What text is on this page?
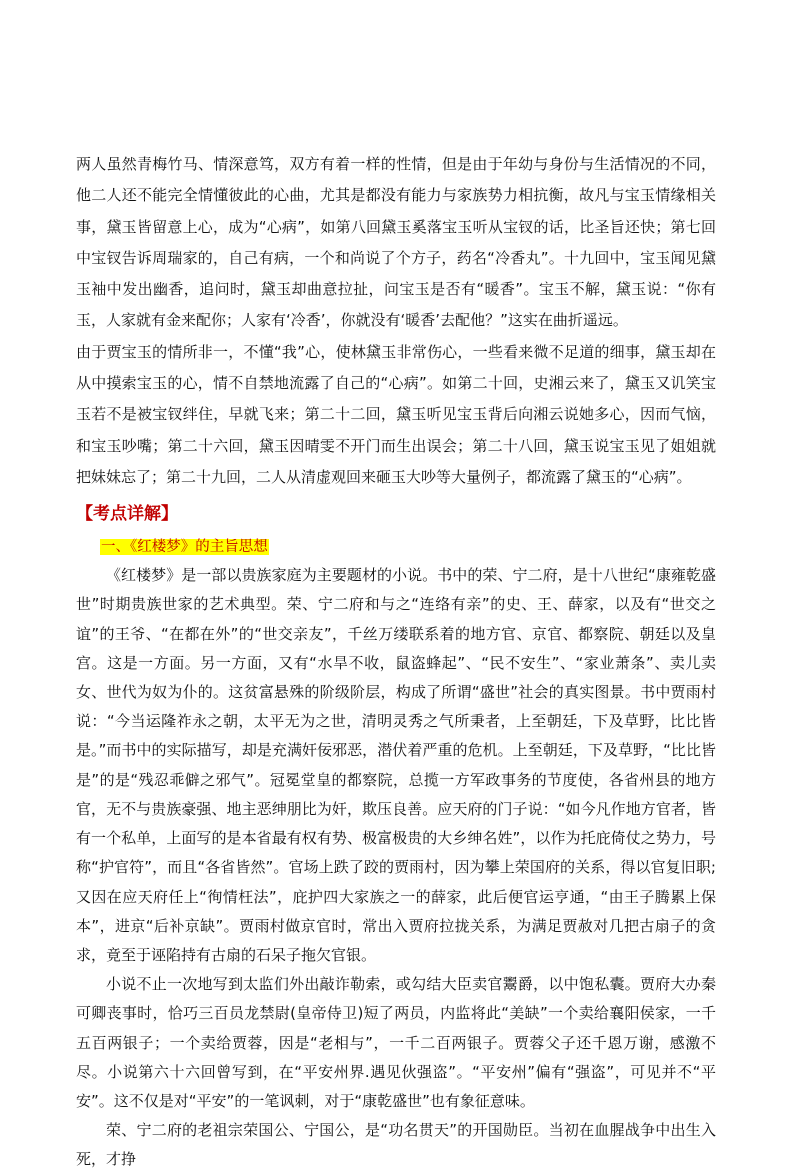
两人虽然青梅竹马、情深意笃，双方有着一样的性情，但是由于年幼与身份与生活情况的不同，他二人还不能完全情懂彼此的心曲，尤其是都没有能力与家族势力相抗衡，故凡与宝玉情缘相关事，黛玉皆留意上心，成为“心病”，如第八回黛玉奚落宝玉听从宝钗的话，比圣旨还快；第七回中宝钗告诉周瑞家的，自己有病，一个和尚说了个方子，药名“冷香丸”。十九回中，宝玉闻见黛玉袖中发出幽香，追问时，黛玉却曲意拉扯，问宝玉是否有“暖香”。宝玉不解，黛玉说：“你有玉，人家就有金来配你；人家有‘冷香’，你就没有‘暖香’去配他？”这实在曲折遥远。

由于贾宝玉的情所非一，不懂“我”心，使林黛玉非常伤心，一些看来微不足道的细事，黛玉却在从中摸索宝玉的心，情不自禁地流露了自己的“心病”。如第二十回，史湘云来了，黛玉又讥笑宝玉若不是被宝钗绊住，早就飞来；第二十二回，黛玉听见宝玉背后向湘云说她多心，因而气恼，和宝玉吵嘴；第二十六回，黛玉因晴雯不开门而生出误会；第二十八回，黛玉说宝玉见了姐姐就把妹妹忘了；第二十九回，二人从清虚观回来砸玉大吵等大量例子，都流露了黛玉的“心病”。

【考点详解】
一、《红楼梦》的主旨思想

《红楼梦》是一部以贵族家庭为主要题材的小说。书中的荣、宁二府，是十八世纪“康雍乾盛世”时期贵族世家的艺术典型。荣、宁二府和与之“连络有亲”的史、王、薛家，以及有“世交之谊”的王爷、“在都在外”的“世交亲友”，千丝万缕联系着的地方官、京官、都察院、朝廷以及皇宫。这是一方面。另一方面，又有“水旱不收，鼠盗蜂起”、“民不安生”、“家业萧条”、卖儿卖女、世代为奴为仆的。这贫富悬殊的阶级阶层，构成了所谓“盛世”社会的真实图景。书中贾雨村说：“今当运隆祚永之朝，太平无为之世，清明灵秀之气所秉者，上至朝廷，下及草野，比比皆是。”而书中的实际描写，却是充满奸佞邪恶，潜伏着严重的危机。上至朝廷，下及草野，“比比皆是”的是“残忍乖僻之邪气”。冠冕堂皇的都察院，总揽一方军政事务的节度使，各省州县的地方官，无不与贵族豪强、地主恶绅朋比为奸，欺压良善。应天府的门子说：“如今凡作地方官者，皆有一个私单，上面写的是本省最有权有势、极富极贵的大乡绅名姓”，以作为托庇倚仗之势力，号称“护官符”，而且“各省皆然”。官场上跌了跤的贾雨村，因为攀上荣国府的关系，得以官复旧职;又因在应天府任上“徇情枉法”，庇护四大家族之一的薛家，此后便官运亨通，“由王子腾累上保本”，进京“后补京缺”。贾雨村做京官时，常出入贾府拉拢关系，为满足贾赦对几把古扇子的贪求，竟至于诬陷持有古扇的石呆子拖欠官银。

小说不止一次地写到太监们外出敲诈勒索，或勾结大臣卖官鬻爵，以中饱私囊。贾府大办秦可卿丧事时，恰巧三百员龙禁尉(皇帝侍卫)短了两员，内监将此“美缺”一个卖给襄阳侯家，一千五百两银子；一个卖给贾蓉，因是“老相与”，一千二百两银子。贾蓉父子还千恩万谢，感激不尽。小说第六十六回曾写到，在“平安州界.遇见伙强盗”。“平安州”偏有“强盗”，可见并不“平安”。这不仅是对“平安”的一笔讽刺，对于“康乾盛世”也有象征意味。

荣、宁二府的老祖宗荣国公、宁国公，是“功名贯天”的开国勋臣。当初在血腥战争中出生入死，才挣
